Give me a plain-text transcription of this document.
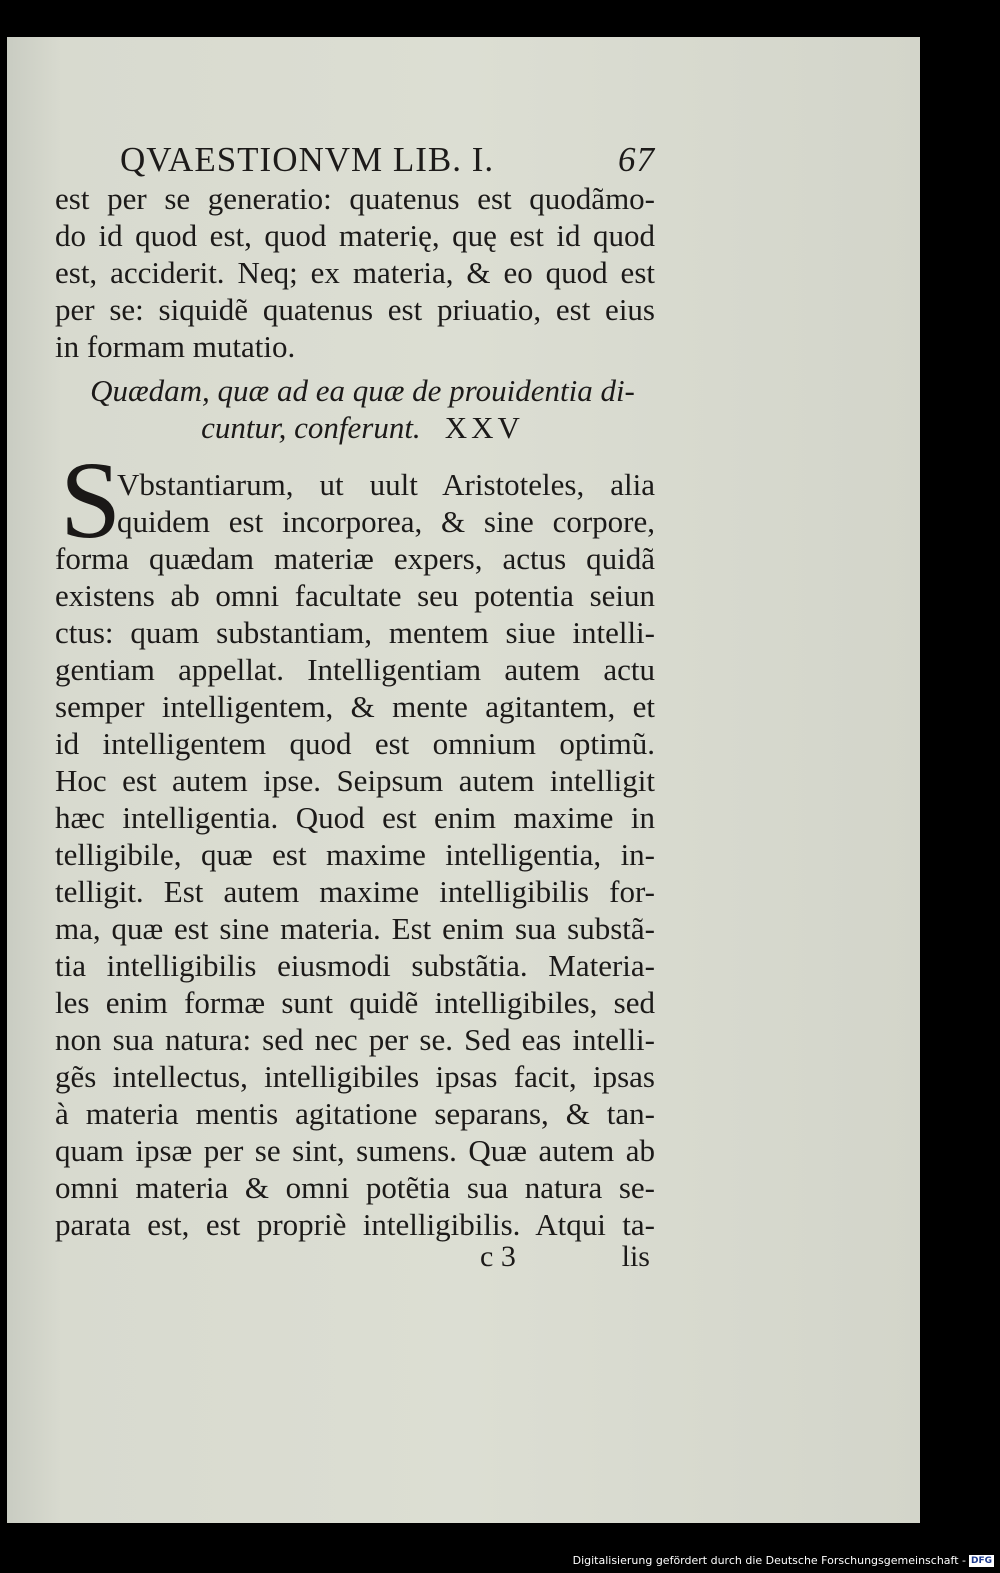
QVAESTIONVM LIB. I.	67
est per se generatio: quatenus est quodãmo-
do id quod est, quod materię, quę est id quod
est, acciderit. Neq; ex materia, & eo quod est
per se: siquidẽ quatenus est priuatio, est eius
in formam mutatio.
Quædam, quæ ad ea quæ de prouidentia di-
cuntur, conferunt. XXV
S
Vbstantiarum, ut uult Aristoteles, alia
quidem est incorporea, & sine corpore,
forma quædam materiæ expers, actus quidã
existens ab omni facultate seu potentia seiun
ctus: quam substantiam, mentem siue intelli-
gentiam appellat. Intelligentiam autem actu
semper intelligentem, & mente agitantem, et
id intelligentem quod est omnium optimũ.
Hoc est autem ipse. Seipsum autem intelligit
hæc intelligentia. Quod est enim maxime in
telligibile, quæ est maxime intelligentia, in-
telligit. Est autem maxime intelligibilis for-
ma, quæ est sine materia. Est enim sua substã-
tia intelligibilis eiusmodi substãtia. Materia-
les enim formæ sunt quidẽ intelligibiles, sed
non sua natura: sed nec per se. Sed eas intelli-
gẽs intellectus, intelligibiles ipsas facit, ipsas
à materia mentis agitatione separans, & tan-
quam ipsæ per se sint, sumens. Quæ autem ab
omni materia & omni potẽtia sua natura se-
parata est, est propriè intelligibilis. Atqui ta-
c 3	lis
Digitalisierung gefördert durch die Deutsche Forschungsgemeinschaft - DFG
